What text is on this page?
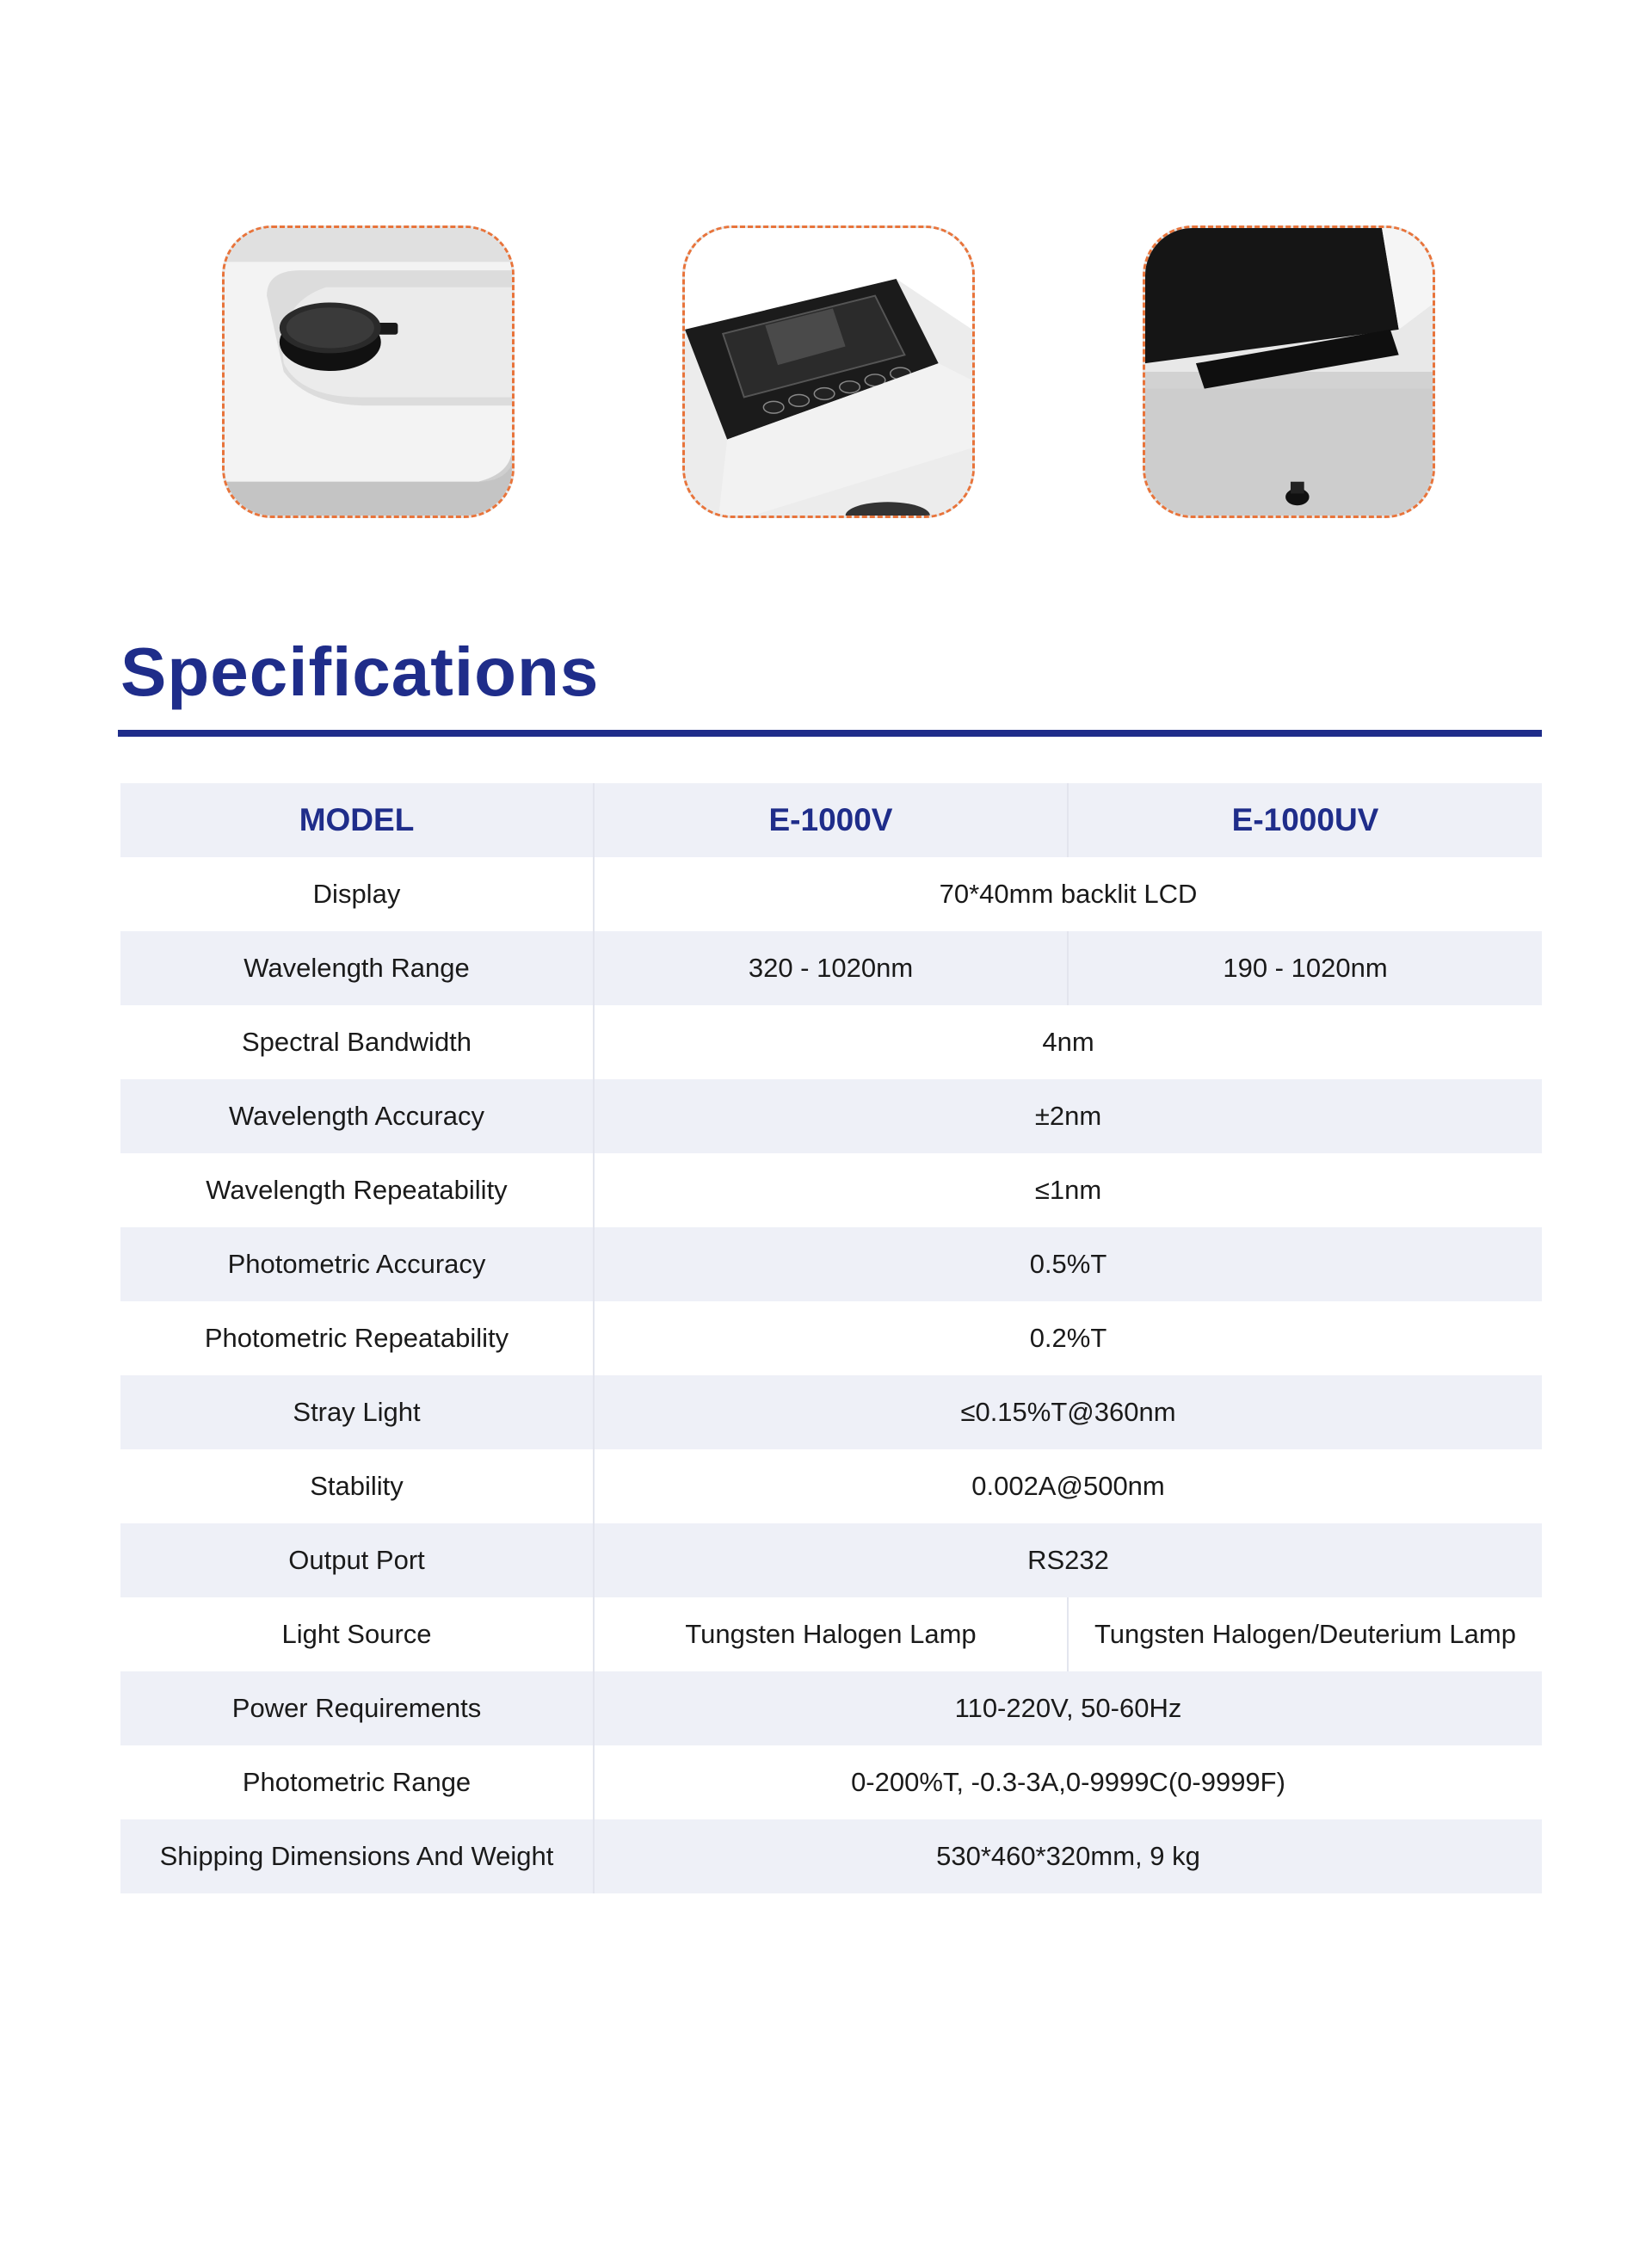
Specifications
MODEL	E-1000V	E-1000UV
Display	70*40mm backlit LCD	
Wavelength Range	320 - 1020nm	190 - 1020nm
Spectral Bandwidth	4nm	
Wavelength Accuracy	±2nm	
Wavelength Repeatability	≤1nm	
Photometric Accuracy	0.5%T	
Photometric Repeatability	0.2%T	
Stray Light	≤0.15%T@360nm	
Stability	0.002A@500nm	
Output Port	RS232	
Light Source	Tungsten Halogen Lamp	Tungsten Halogen/Deuterium Lamp
Power Requirements	110-220V, 50-60Hz	
Photometric Range	0-200%T, -0.3-3A,0-9999C(0-9999F)	
Shipping Dimensions And Weight	530*460*320mm, 9 kg	
